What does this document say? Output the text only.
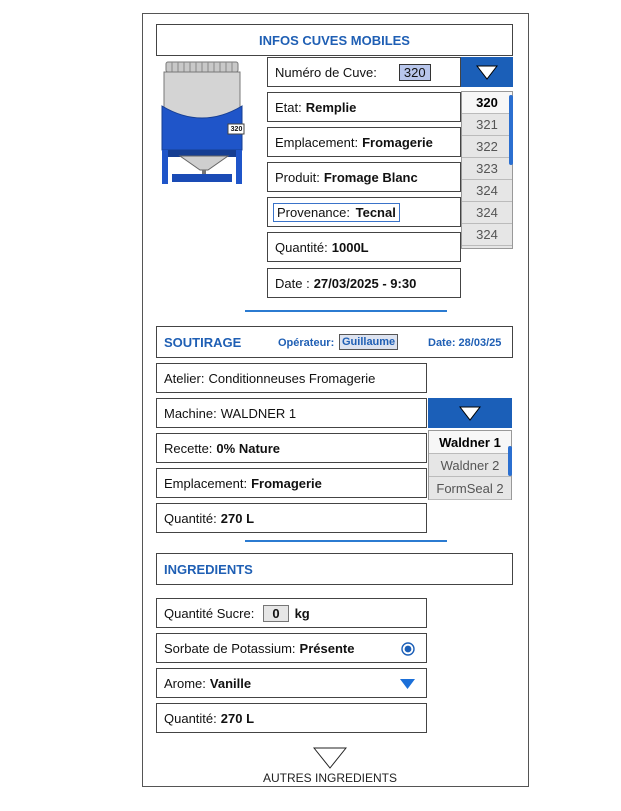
INFOS CUVES MOBILES
320
Numéro de Cuve:	320
Etat: Remplie
Emplacement: Fromagerie
Produit: Fromage Blanc
Provenance: Tecnal
Quantité: 1000L
Date : 27/03/2025 - 9:30
320
321
322
323
324
324
324
SOUTIRAGE	Opérateur: Guillaume	Date: 28/03/25
Atelier: Conditionneuses Fromagerie
Machine: WALDNER 1
Waldner 1
Waldner 2
FormSeal 2
Recette: 0% Nature
Emplacement: Fromagerie
Quantité: 270 L
INGREDIENTS
Quantité Sucre:	0	kg
Sorbate de Potassium: Présente
Arome: Vanille
Quantité: 270 L
AUTRES INGREDIENTS
